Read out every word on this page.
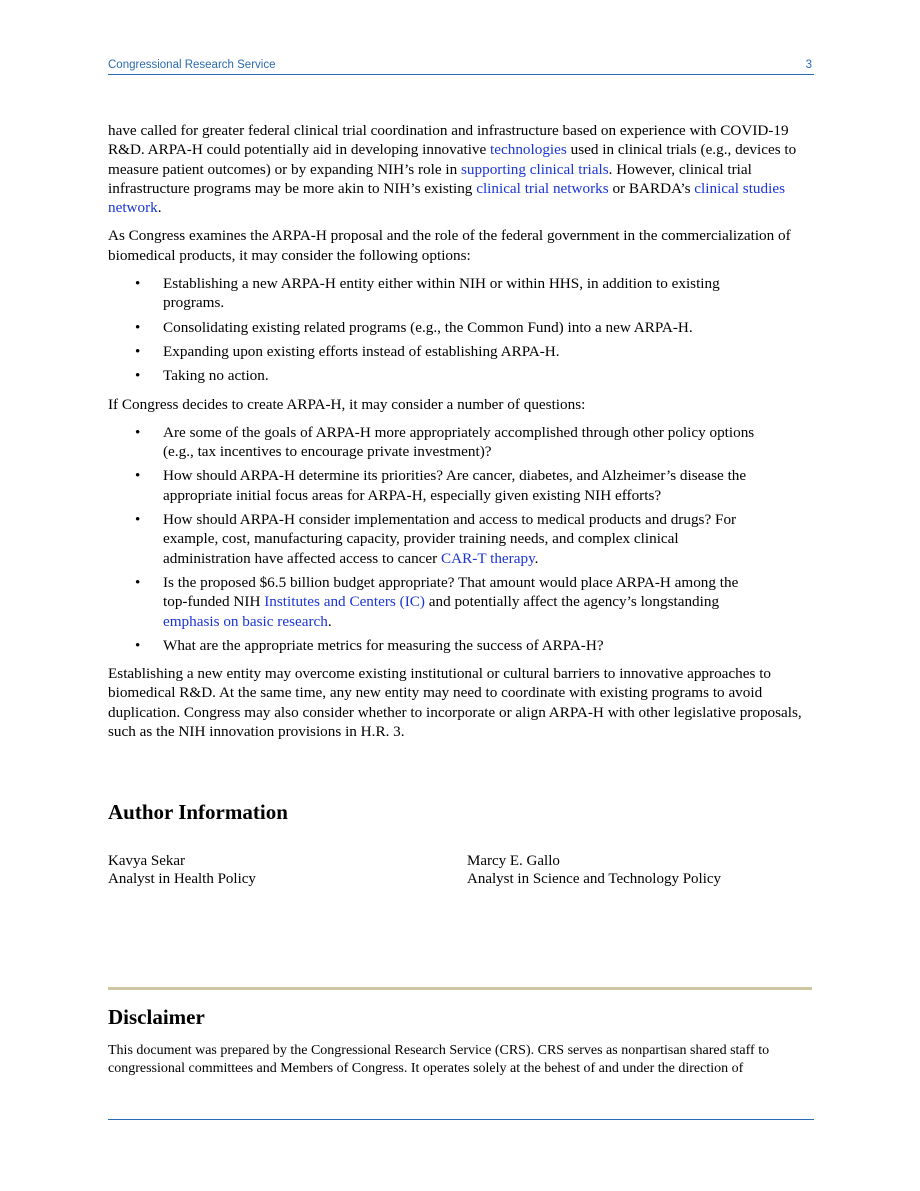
Congressional Research Service	3

have called for greater federal clinical trial coordination and infrastructure based on experience with COVID-19 R&D. ARPA-H could potentially aid in developing innovative technologies used in clinical trials (e.g., devices to measure patient outcomes) or by expanding NIH’s role in supporting clinical trials. However, clinical trial infrastructure programs may be more akin to NIH’s existing clinical trial networks or BARDA’s clinical studies network.

As Congress examines the ARPA-H proposal and the role of the federal government in the commercialization of biomedical products, it may consider the following options:

• Establishing a new ARPA-H entity either within NIH or within HHS, in addition to existing programs.
• Consolidating existing related programs (e.g., the Common Fund) into a new ARPA-H.
• Expanding upon existing efforts instead of establishing ARPA-H.
• Taking no action.

If Congress decides to create ARPA-H, it may consider a number of questions:

• Are some of the goals of ARPA-H more appropriately accomplished through other policy options (e.g., tax incentives to encourage private investment)?
• How should ARPA-H determine its priorities? Are cancer, diabetes, and Alzheimer’s disease the appropriate initial focus areas for ARPA-H, especially given existing NIH efforts?
• How should ARPA-H consider implementation and access to medical products and drugs? For example, cost, manufacturing capacity, provider training needs, and complex clinical administration have affected access to cancer CAR-T therapy.
• Is the proposed $6.5 billion budget appropriate? That amount would place ARPA-H among the top-funded NIH Institutes and Centers (IC) and potentially affect the agency’s longstanding emphasis on basic research.
• What are the appropriate metrics for measuring the success of ARPA-H?

Establishing a new entity may overcome existing institutional or cultural barriers to innovative approaches to biomedical R&D. At the same time, any new entity may need to coordinate with existing programs to avoid duplication. Congress may also consider whether to incorporate or align ARPA-H with other legislative proposals, such as the NIH innovation provisions in H.R. 3.

Author Information
Kavya Sekar
Analyst in Health Policy
Marcy E. Gallo
Analyst in Science and Technology Policy
Disclaimer
This document was prepared by the Congressional Research Service (CRS). CRS serves as nonpartisan shared staff to congressional committees and Members of Congress. It operates solely at the behest of and under the direction of
